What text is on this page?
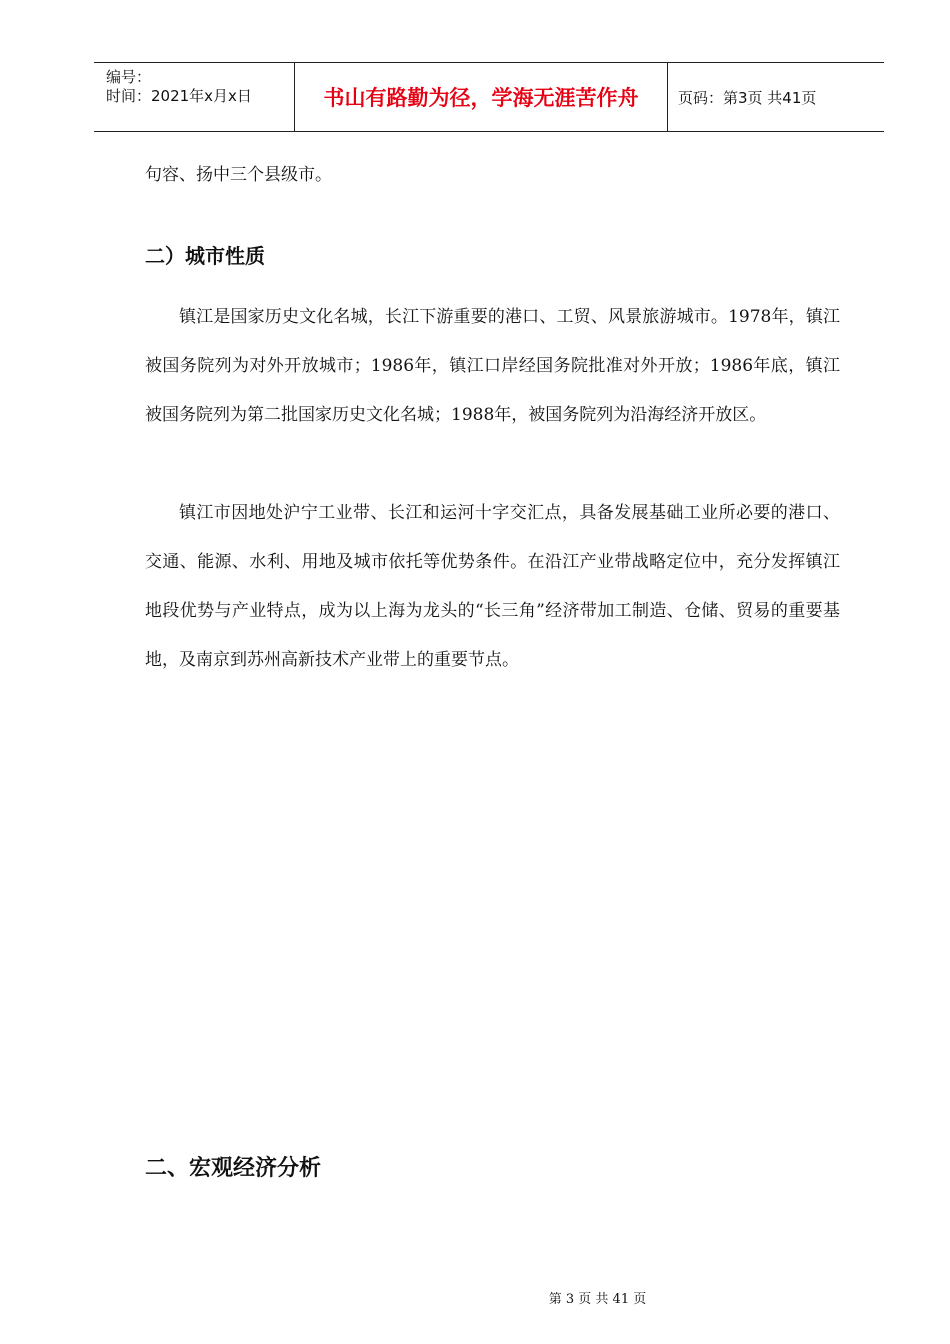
编号：
时间：2021年x月x日	书山有路勤为径，学海无涯苦作舟	页码：第3页 共41页
句容、扬中三个县级市。
二）城市性质
镇江是国家历史文化名城，长江下游重要的港口、工贸、风景旅游城市。1978年，镇江被国务院列为对外开放城市；1986年，镇江口岸经国务院批准对外开放；1986年底，镇江被国务院列为第二批国家历史文化名城；1988年，被国务院列为沿海经济开放区。
镇江市因地处沪宁工业带、长江和运河十字交汇点，具备发展基础工业所必要的港口、交通、能源、水利、用地及城市依托等优势条件。在沿江产业带战略定位中，充分发挥镇江地段优势与产业特点，成为以上海为龙头的“长三角”经济带加工制造、仓储、贸易的重要基地，及南京到苏州高新技术产业带上的重要节点。
二、宏观经济分析
第 3 页 共 41 页
